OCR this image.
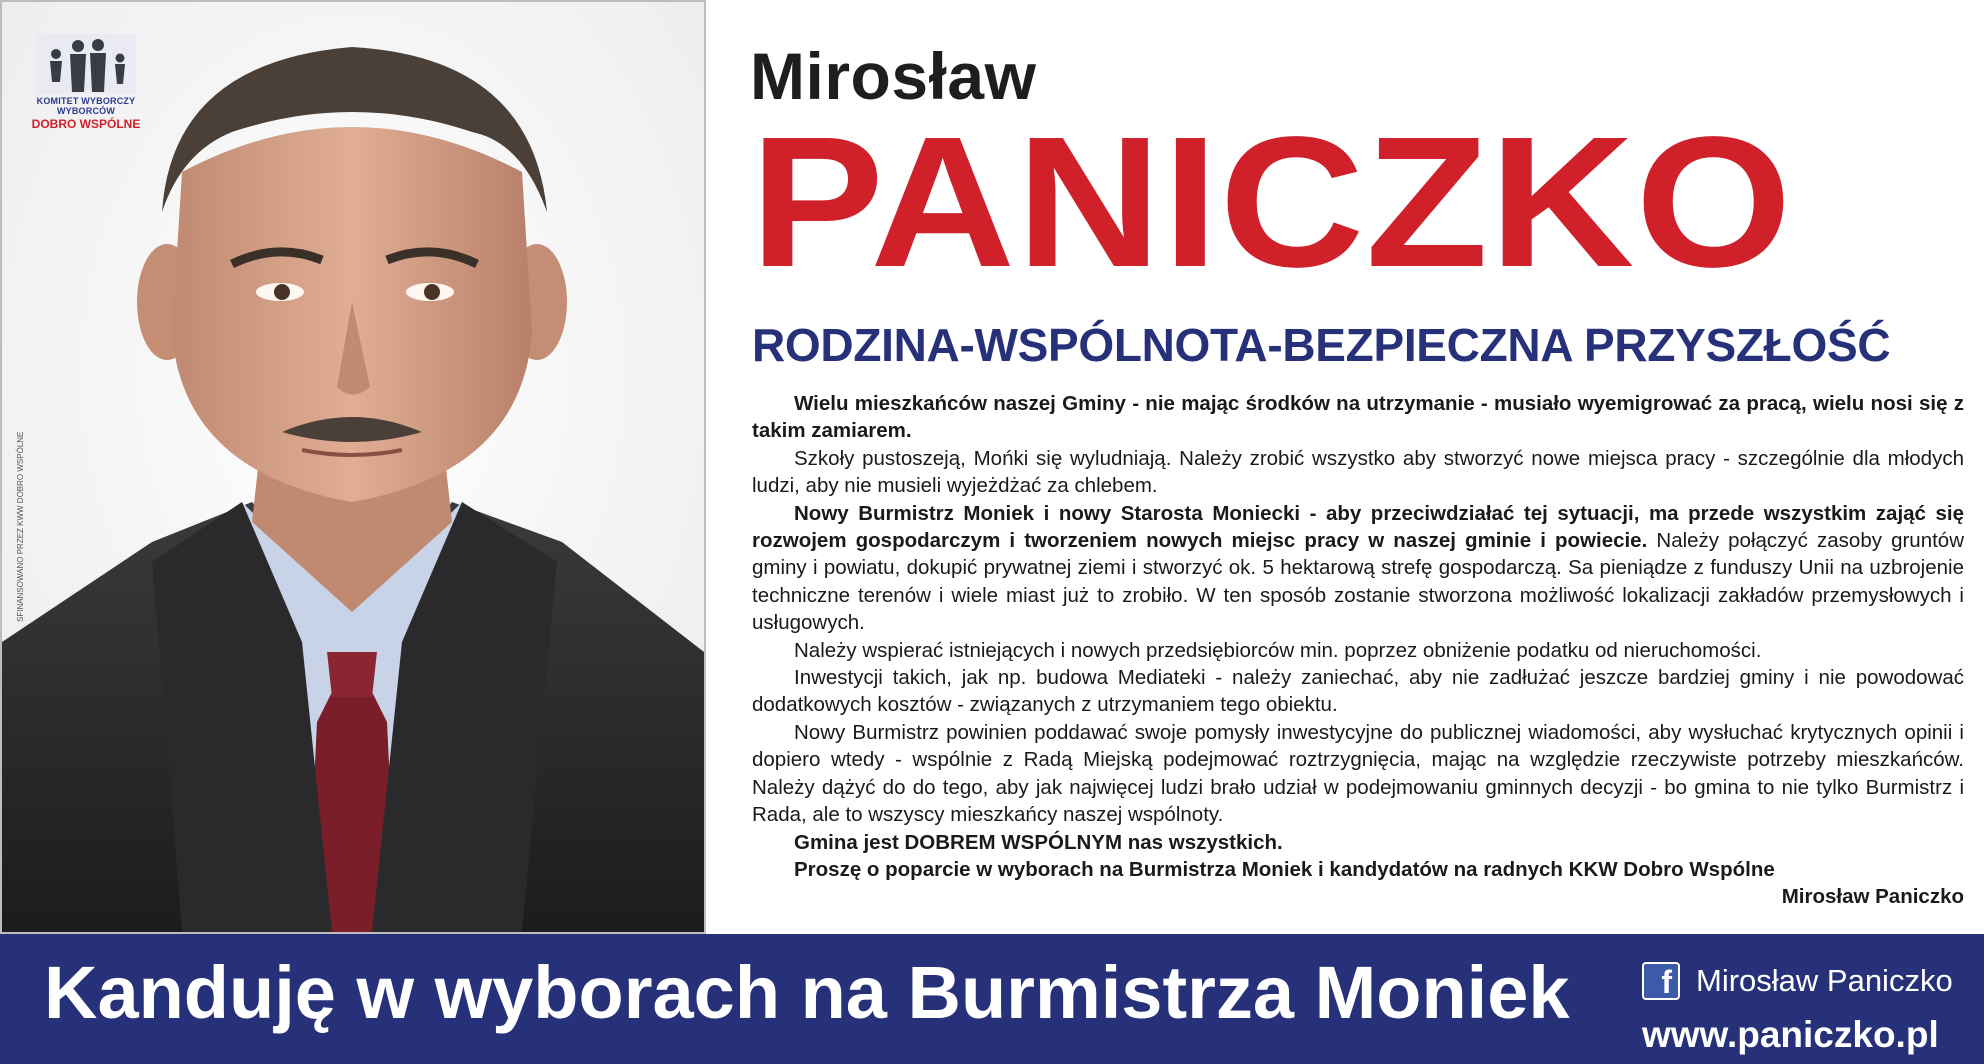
KOMITET WYBORCZY WYBORCÓW
DOBRO WSPÓLNE
SFINANSOWANO PRZEZ KWW DOBRO WSPÓLNE
Mirosław
PANICZKO
RODZINA-WSPÓLNOTA-BEZPIECZNA PRZYSZŁOŚĆ

Wielu mieszkańców naszej Gminy - nie mając środków na utrzymanie - musiało wyemigrować za pracą, wielu nosi się z takim zamiarem.

Szkoły pustoszeją, Mońki się wyludniają. Należy zrobić wszystko aby stworzyć nowe miejsca pracy - szczególnie dla młodych ludzi, aby nie musieli wyjeżdżać za chlebem.

Nowy Burmistrz Moniek i nowy Starosta Moniecki - aby przeciwdziałać tej sytuacji, ma przede wszystkim zająć się rozwojem gospodarczym i tworzeniem nowych miejsc pracy w naszej gminie i powiecie. Należy połączyć zasoby gruntów gminy i powiatu, dokupić prywatnej ziemi i stworzyć ok. 5 hektarową strefę gospodarczą. Sa pieniądze z funduszy Unii na uzbrojenie techniczne terenów i wiele miast już to zrobiło. W ten sposób zostanie stworzona możliwość lokalizacji zakładów przemysłowych i usługowych.

Należy wspierać istniejących i nowych przedsiębiorców min. poprzez obniżenie podatku od nieruchomości.

Inwestycji takich, jak np. budowa Mediateki - należy zaniechać, aby nie zadłużać jeszcze bardziej gminy i nie powodować dodatkowych kosztów - związanych z utrzymaniem tego obiektu.

Nowy Burmistrz powinien poddawać swoje pomysły inwestycyjne do publicznej wiadomości, aby wysłuchać krytycznych opinii i dopiero wtedy - wspólnie z Radą Miejską podejmować roztrzygnięcia, mając na względzie rzeczywiste potrzeby mieszkańców. Należy dążyć do do tego, aby jak najwięcej ludzi brało udział w podejmowaniu gminnych decyzji - bo gmina to nie tylko Burmistrz i Rada, ale to wszyscy mieszkańcy naszej wspólnoty.

Gmina jest DOBREM WSPÓLNYM nas wszystkich.

Proszę o poparcie w wyborach na Burmistrza Moniek i kandydatów na radnych KKW Dobro Wspólne

Mirosław Paniczko

Kanduję w wyborach na Burmistrza Moniek	f Mirosław Paniczko
www.paniczko.pl
